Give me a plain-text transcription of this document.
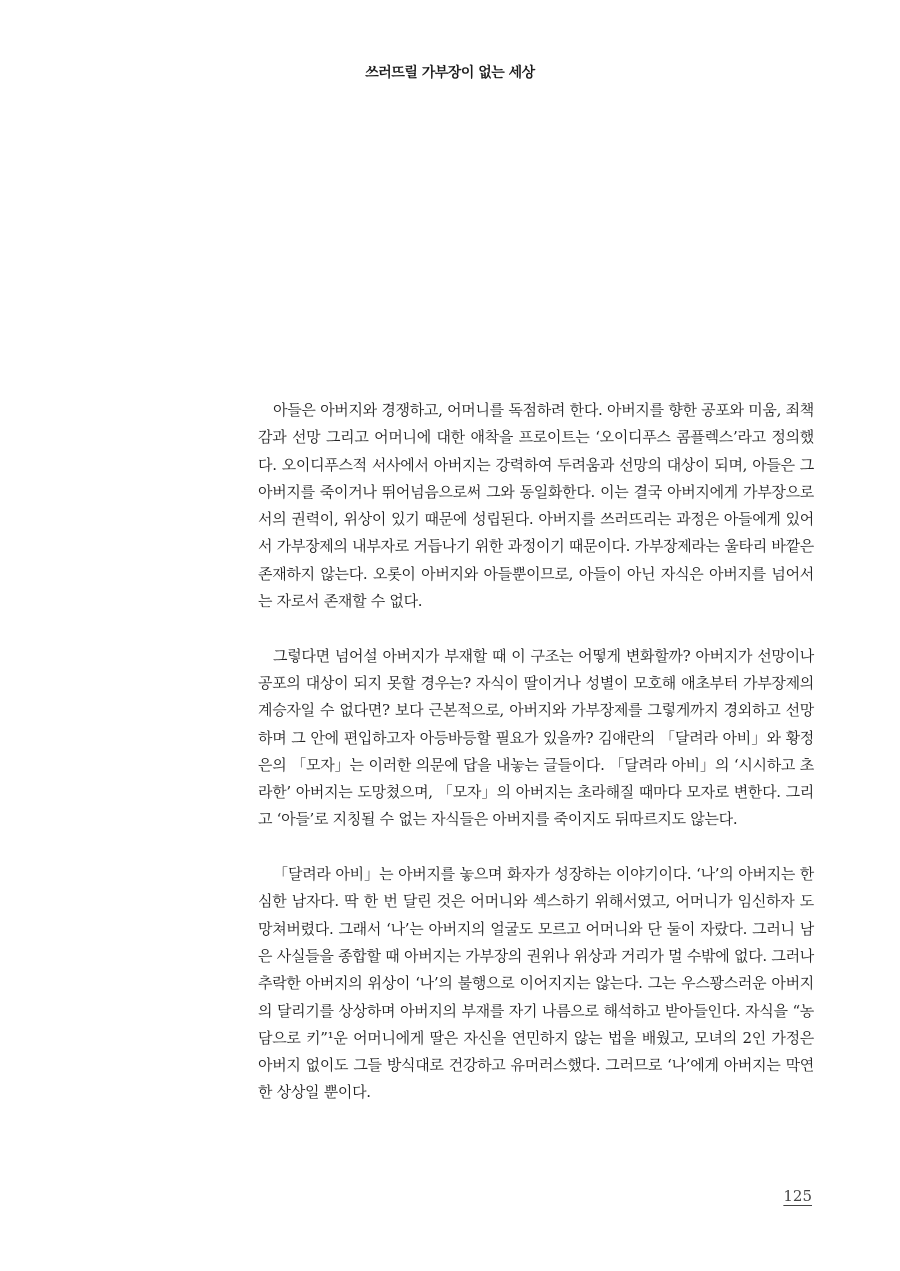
쓰러뜨릴 가부장이 없는 세상

아들은 아버지와 경쟁하고, 어머니를 독점하려 한다. 아버지를 향한 공포와 미움, 죄책감과 선망 그리고 어머니에 대한 애착을 프로이트는 ‘오이디푸스 콤플렉스’라고 정의했다. 오이디푸스적 서사에서 아버지는 강력하여 두려움과 선망의 대상이 되며, 아들은 그 아버지를 죽이거나 뛰어넘음으로써 그와 동일화한다. 이는 결국 아버지에게 가부장으로서의 권력이, 위상이 있기 때문에 성립된다. 아버지를 쓰러뜨리는 과정은 아들에게 있어서 가부장제의 내부자로 거듭나기 위한 과정이기 때문이다. 가부장제라는 울타리 바깥은 존재하지 않는다. 오롯이 아버지와 아들뿐이므로, 아들이 아닌 자식은 아버지를 넘어서는 자로서 존재할 수 없다.

그렇다면 넘어설 아버지가 부재할 때 이 구조는 어떻게 변화할까? 아버지가 선망이나 공포의 대상이 되지 못할 경우는? 자식이 딸이거나 성별이 모호해 애초부터 가부장제의 계승자일 수 없다면? 보다 근본적으로, 아버지와 가부장제를 그렇게까지 경외하고 선망하며 그 안에 편입하고자 아등바등할 필요가 있을까? 김애란의 「달려라 아비」와 황정은의 「모자」는 이러한 의문에 답을 내놓는 글들이다. 「달려라 아비」의 ‘시시하고 초라한’ 아버지는 도망쳤으며, 「모자」의 아버지는 초라해질 때마다 모자로 변한다. 그리고 ‘아들’로 지칭될 수 없는 자식들은 아버지를 죽이지도 뒤따르지도 않는다.

「달려라 아비」는 아버지를 놓으며 화자가 성장하는 이야기이다. ‘나’의 아버지는 한심한 남자다. 딱 한 번 달린 것은 어머니와 섹스하기 위해서였고, 어머니가 임신하자 도망쳐버렸다. 그래서 ‘나’는 아버지의 얼굴도 모르고 어머니와 단 둘이 자랐다. 그러니 남은 사실들을 종합할 때 아버지는 가부장의 권위나 위상과 거리가 멀 수밖에 없다. 그러나 추락한 아버지의 위상이 ‘나’의 불행으로 이어지지는 않는다. 그는 우스꽝스러운 아버지의 달리기를 상상하며 아버지의 부재를 자기 나름으로 해석하고 받아들인다. 자식을 “농담으로 키”¹운 어머니에게 딸은 자신을 연민하지 않는 법을 배웠고, 모녀의 2인 가정은 아버지 없이도 그들 방식대로 건강하고 유머러스했다. 그러므로 ‘나’에게 아버지는 막연한 상상일 뿐이다.

125
